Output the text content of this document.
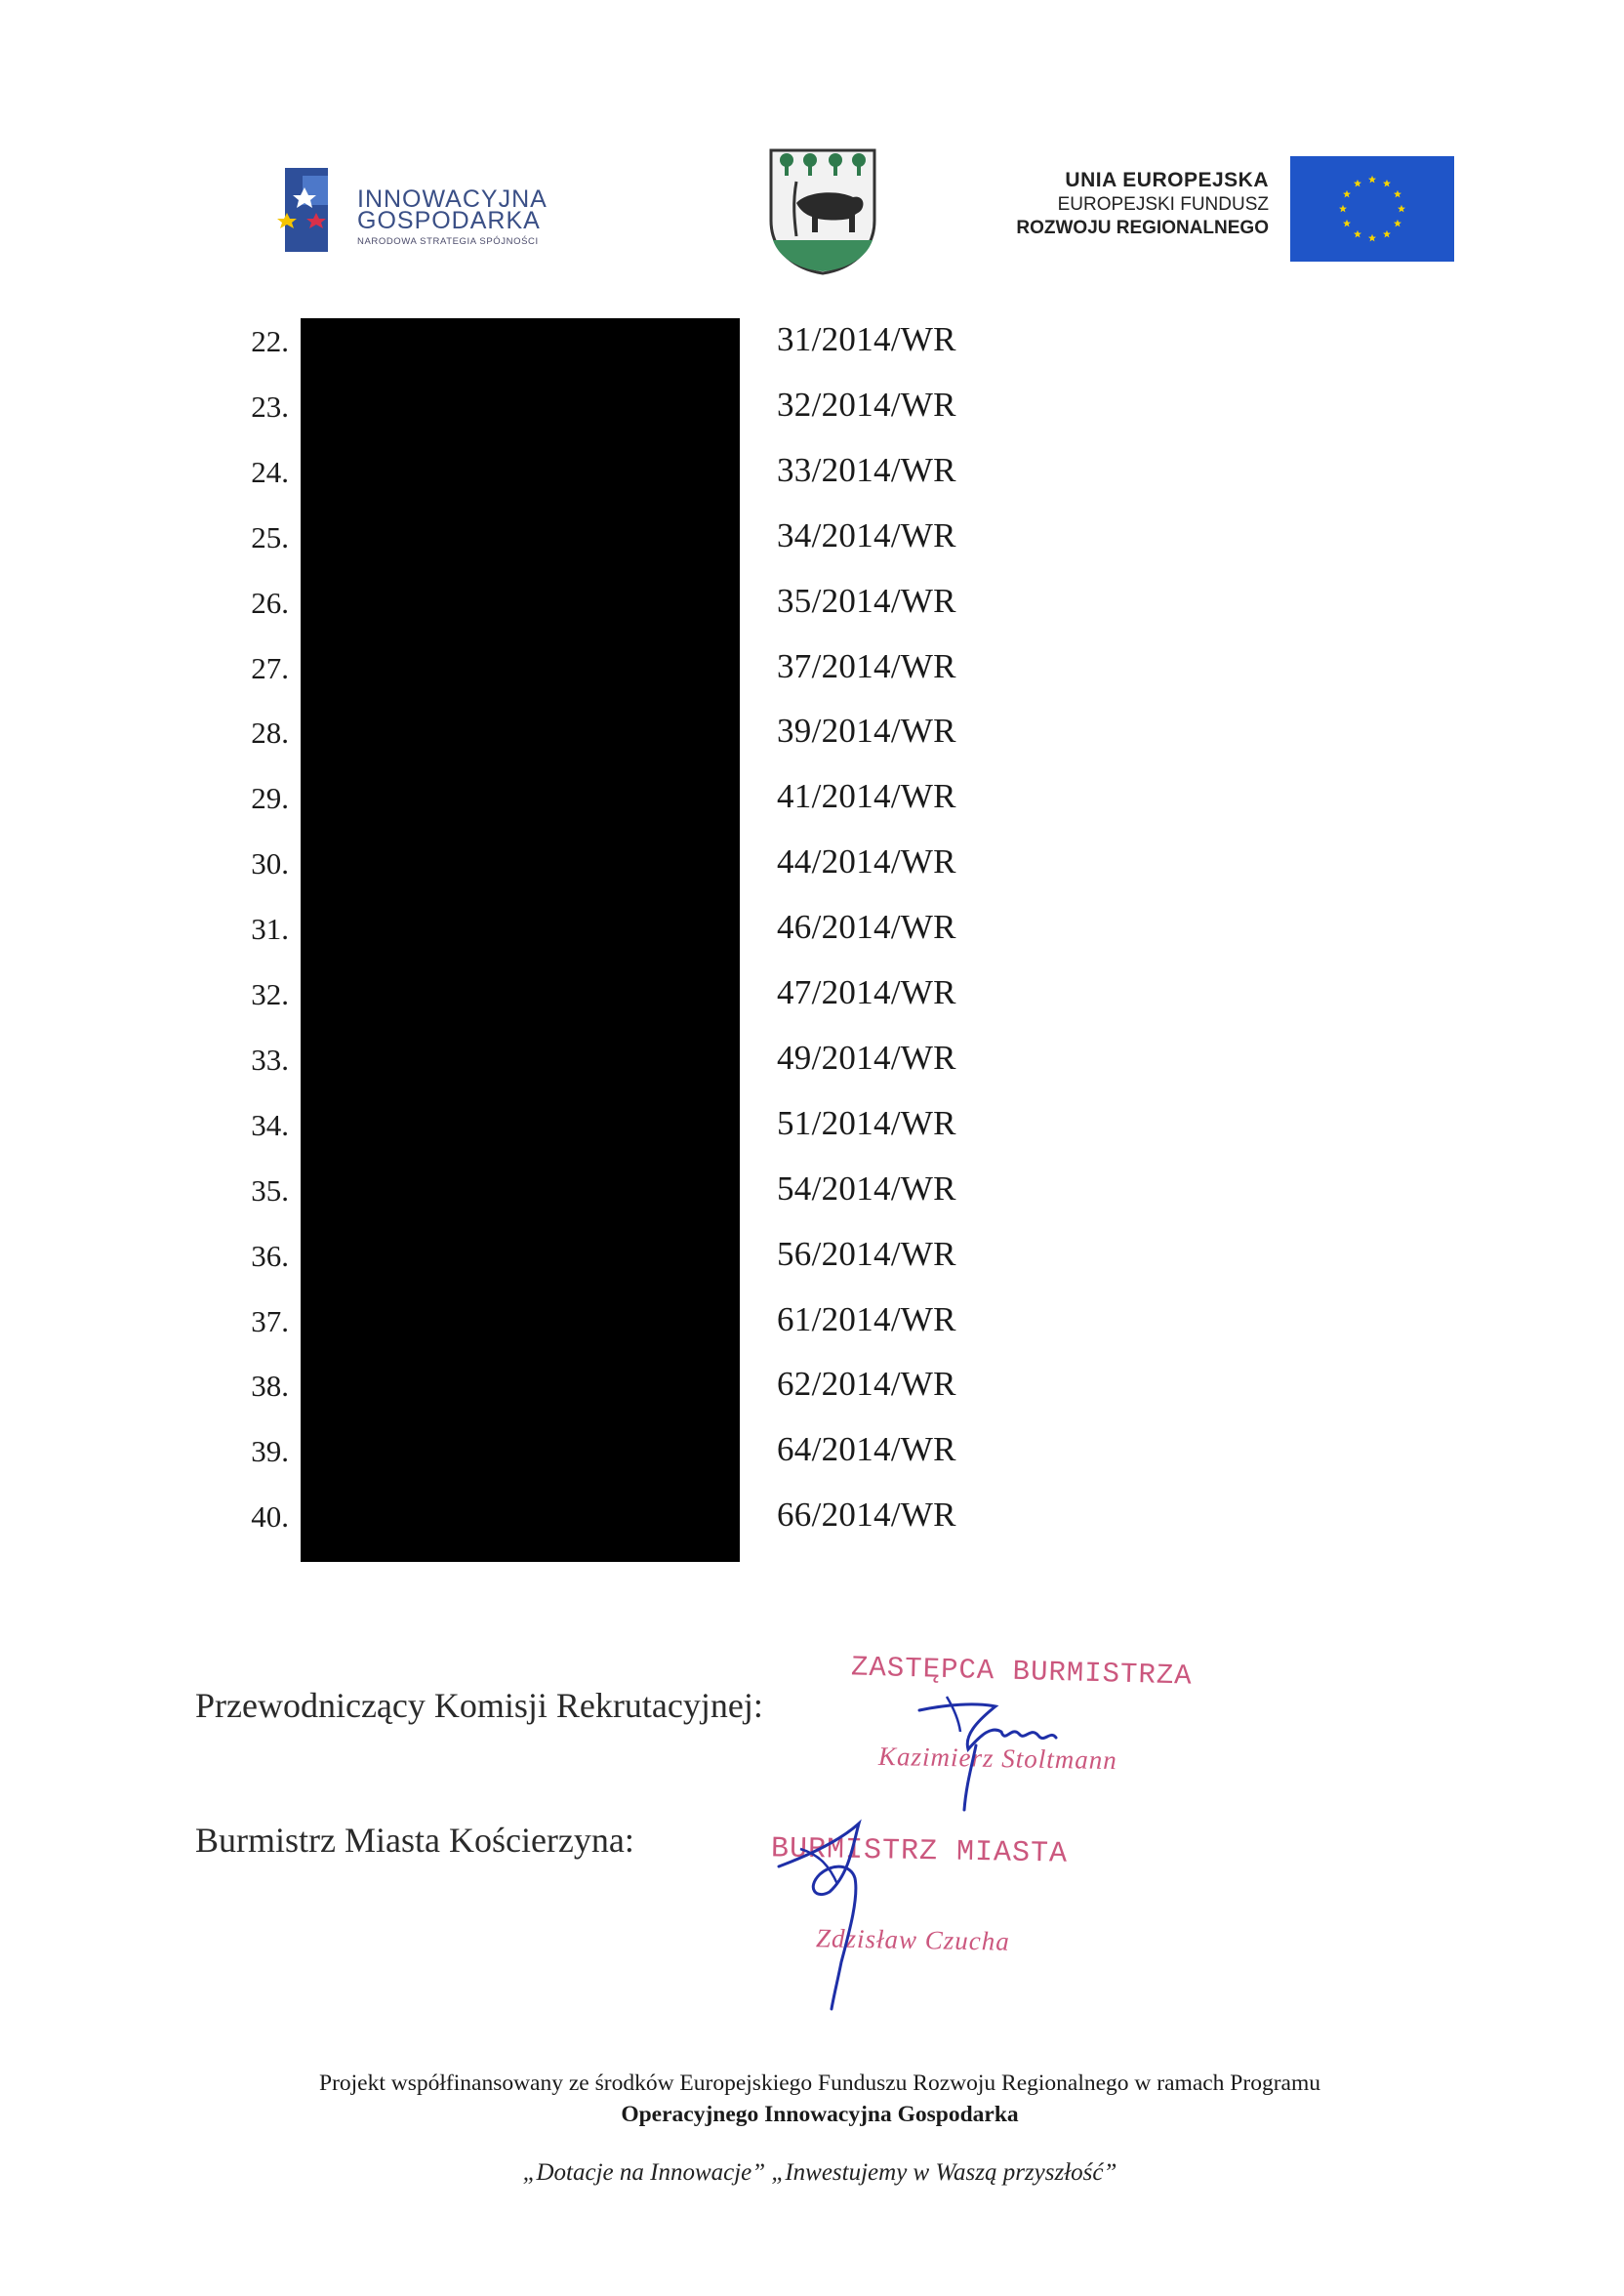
INNOWACYJNA
GOSPODARKA
NARODOWA STRATEGIA SPÓJNOŚCI
UNIA EUROPEJSKA
EUROPEJSKI FUNDUSZ
ROZWOJU REGIONALNEGO
22.	31/2014/WR
23.	32/2014/WR
24.	33/2014/WR
25.	34/2014/WR
26.	35/2014/WR
27.	37/2014/WR
28.	39/2014/WR
29.	41/2014/WR
30.	44/2014/WR
31.	46/2014/WR
32.	47/2014/WR
33.	49/2014/WR
34.	51/2014/WR
35.	54/2014/WR
36.	56/2014/WR
37.	61/2014/WR
38.	62/2014/WR
39.	64/2014/WR
40.	66/2014/WR
Przewodniczący Komisji Rekrutacyjnej:
ZASTĘPCA BURMISTRZA
Kazimierz Stoltmann
Burmistrz Miasta Kościerzyna:	BURMISTRZ MIASTA
Zdzisław Czucha
Projekt współfinansowany ze środków Europejskiego Funduszu Rozwoju Regionalnego w ramach Programu
Operacyjnego Innowacyjna Gospodarka
„Dotacje na Innowacje” „Inwestujemy w Waszą przyszłość”
